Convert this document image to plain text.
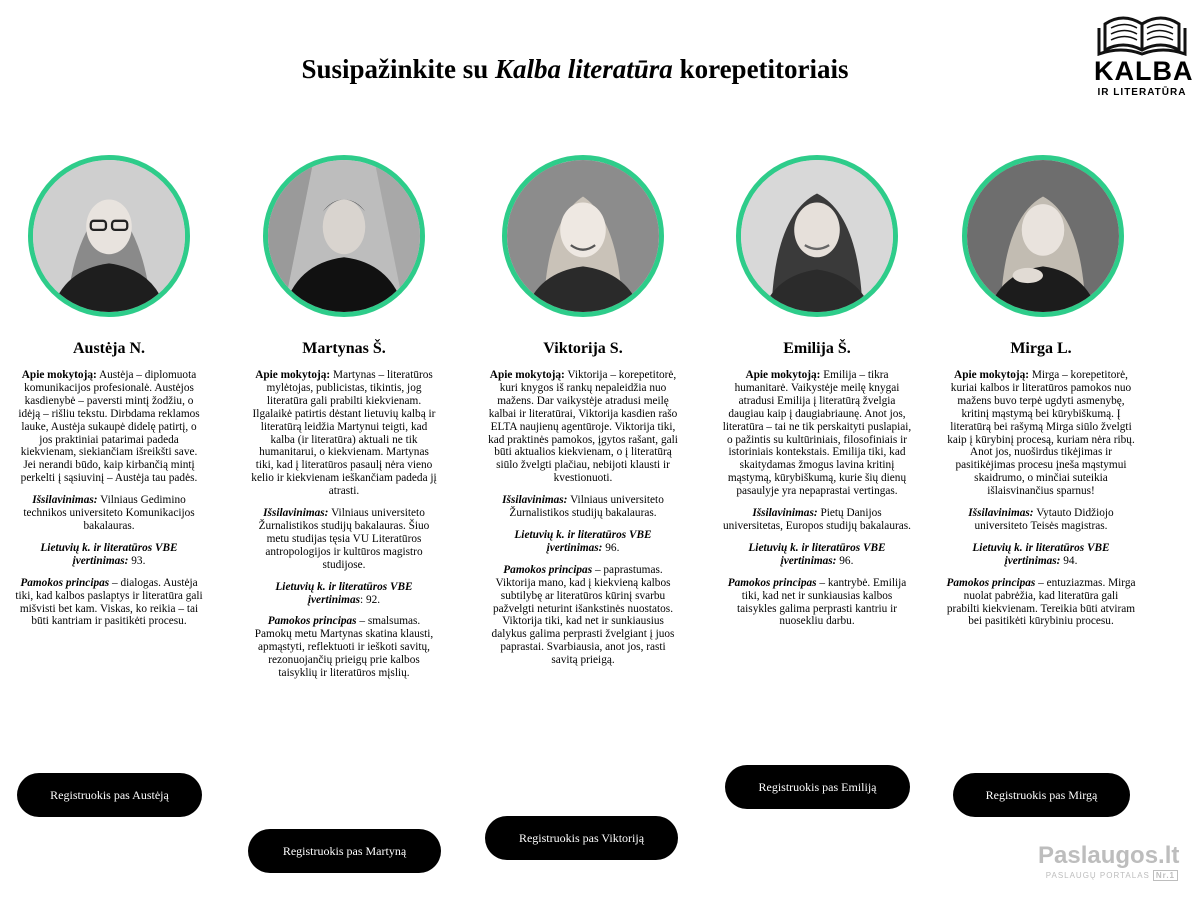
Susipažinkite su Kalba literatūra korepetitoriais	KALBA
IR LITERATŪRA
Austėja N.

Apie mokytoją: Austėja – diplomuota komunikacijos profesionalė. Austėjos kasdienybė – paversti mintį žodžiu, o idėją – rišliu tekstu. Dirbdama reklamos lauke, Austėja sukaupė didelę patirtį, o jos praktiniai patarimai padeda kiekvienam, siekiančiam išreikšti save. Jei nerandi būdo, kaip kirbančią mintį perkelti į sąsiuvinį – Austėja tau padės.

Išsilavinimas: Vilniaus Gedimino technikos universiteto Komunikacijos bakalauras.

Lietuvių k. ir literatūros VBE įvertinimas: 93.

Pamokos principas – dialogas. Austėja tiki, kad kalbos paslaptys ir literatūra gali mišvisti bet kam. Viskas, ko reikia – tai būti kantriam ir pasitikėti procesu.

Registruokis pas Austėją
Martynas Š.

Apie mokytoją: Martynas – literatūros mylėtojas, publicistas, tikintis, jog literatūra gali prabilti kiekvienam. Ilgalaikė patirtis dėstant lietuvių kalbą ir literatūrą leidžia Martynui teigti, kad kalba (ir literatūra) aktuali ne tik humanitarui, o kiekvienam. Martynas tiki, kad į literatūros pasaulį nėra vieno kelio ir kiekvienam ieškančiam padeda jį atrasti.

Išsilavinimas: Vilniaus universiteto Žurnalistikos studijų bakalauras. Šiuo metu studijas tęsia VU Literatūros antropologijos ir kultūros magistro studijose.

Lietuvių k. ir literatūros VBE įvertinimas: 92.

Pamokos principas – smalsumas. Pamokų metu Martynas skatina klausti, apmąstyti, reflektuoti ir ieškoti savitų, rezonuojančių prieigų prie kalbos taisyklių ir literatūros mįslių.

Registruokis pas Martyną
Viktorija S.

Apie mokytoją: Viktorija – korepetitorė, kuri knygos iš rankų nepaleidžia nuo mažens. Dar vaikystėje atradusi meilę kalbai ir literatūrai, Viktorija kasdien rašo ELTA naujienų agentūroje. Viktorija tiki, kad praktinės pamokos, įgytos rašant, gali būti aktualios kiekvienam, o į literatūrą siūlo žvelgti plačiau, nebijoti klausti ir kvestionuoti.

Išsilavinimas: Vilniaus universiteto Žurnalistikos studijų bakalauras.

Lietuvių k. ir literatūros VBE įvertinimas: 96.

Pamokos principas – paprastumas. Viktorija mano, kad į kiekvieną kalbos subtilybę ar literatūros kūrinį svarbu pažvelgti neturint išankstinės nuostatos. Viktorija tiki, kad net ir sunkiausius dalykus galima perprasti žvelgiant į juos paprastai. Svarbiausia, anot jos, rasti savitą prieigą.

Registruokis pas Viktoriją
Emilija Š.

Apie mokytoją: Emilija – tikra humanitarė. Vaikystėje meilę knygai atradusi Emilija į literatūrą žvelgia daugiau kaip į daugiabriaunę. Anot jos, literatūra – tai ne tik perskaityti puslapiai, o pažintis su kultūriniais, filosofiniais ir istoriniais kontekstais. Emilija tiki, kad skaitydamas žmogus lavina kritinį mąstymą, kūrybiškumą, kurie šių dienų pasaulyje yra nepaprastai vertingas.

Išsilavinimas: Pietų Danijos universitetas, Europos studijų bakalauras.

Lietuvių k. ir literatūros VBE įvertinimas: 96.

Pamokos principas – kantrybė. Emilija tiki, kad net ir sunkiausias kalbos taisykles galima perprasti kantriu ir nuosekliu darbu.

Registruokis pas Emiliją
Mirga L.

Apie mokytoją: Mirga – korepetitorė, kuriai kalbos ir literatūros pamokos nuo mažens buvo terpė ugdyti asmenybę, kritinį mąstymą bei kūrybiškumą. Į literatūrą bei rašymą Mirga siūlo žvelgti kaip į kūrybinį procesą, kuriam nėra ribų. Anot jos, nuoširdus tikėjimas ir pasitikėjimas procesu įneša mąstymui skaidrumo, o minčiai suteikia išlaisvinančius sparnus!

Išsilavinimas: Vytauto Didžiojo universiteto Teisės magistras.

Lietuvių k. ir literatūros VBE įvertinimas: 94.

Pamokos principas – entuziazmas. Mirga nuolat pabrėžia, kad literatūra gali prabilti kiekvienam. Tereikia būti atviram bei pasitikėti kūrybiniu procesu.

Registruokis pas Mirgą
Paslaugos.lt
PASLAUGŲ PORTALAS Nr.1
